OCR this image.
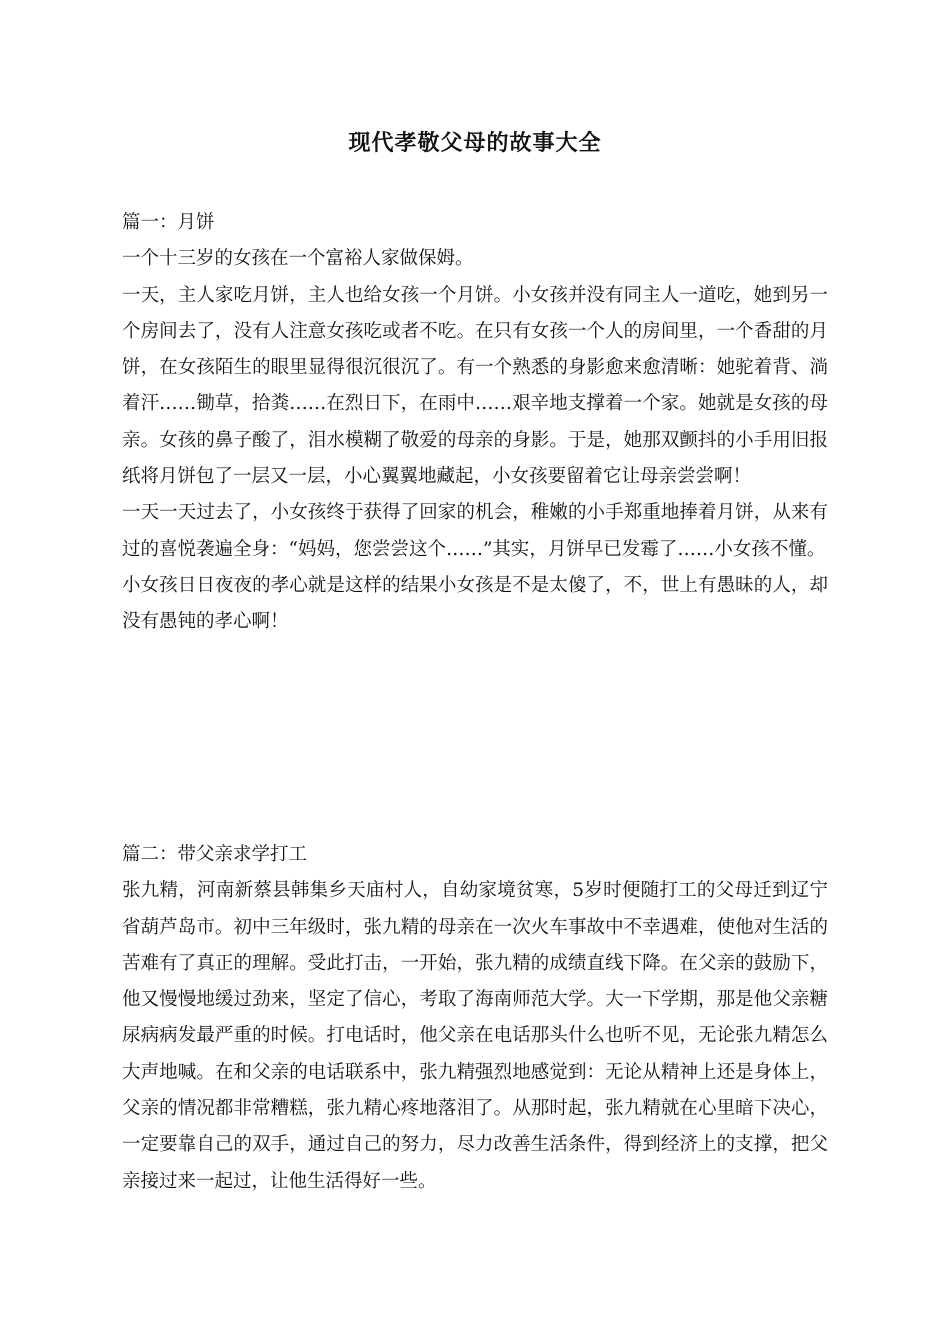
现代孝敬父母的故事大全

篇一：月饼

一个十三岁的女孩在一个富裕人家做保姆。

一天，主人家吃月饼，主人也给女孩一个月饼。小女孩并没有同主人一道吃，她到另一个房间去了，没有人注意女孩吃或者不吃。在只有女孩一个人的房间里，一个香甜的月饼，在女孩陌生的眼里显得很沉很沉了。有一个熟悉的身影愈来愈清晰：她驼着背、淌着汗……锄草，拾粪……在烈日下，在雨中……艰辛地支撑着一个家。她就是女孩的母亲。女孩的鼻子酸了，泪水模糊了敬爱的母亲的身影。于是，她那双颤抖的小手用旧报纸将月饼包了一层又一层，小心翼翼地藏起，小女孩要留着它让母亲尝尝啊！

一天一天过去了，小女孩终于获得了回家的机会，稚嫩的小手郑重地捧着月饼，从来有过的喜悦袭遍全身：“妈妈，您尝尝这个……”其实，月饼早已发霉了……小女孩不懂。

小女孩日日夜夜的孝心就是这样的结果小女孩是不是太傻了，不，世上有愚昧的人，却没有愚钝的孝心啊！

篇二：带父亲求学打工

张九精，河南新蔡县韩集乡天庙村人，自幼家境贫寒，5岁时便随打工的父母迁到辽宁省葫芦岛市。初中三年级时，张九精的母亲在一次火车事故中不幸遇难，使他对生活的苦难有了真正的理解。受此打击，一开始，张九精的成绩直线下降。在父亲的鼓励下，他又慢慢地缓过劲来，坚定了信心，考取了海南师范大学。大一下学期，那是他父亲糖尿病病发最严重的时候。打电话时，他父亲在电话那头什么也听不见，无论张九精怎么大声地喊。在和父亲的电话联系中，张九精强烈地感觉到：无论从精神上还是身体上，父亲的情况都非常糟糕，张九精心疼地落泪了。从那时起，张九精就在心里暗下决心，一定要靠自己的双手，通过自己的努力，尽力改善生活条件，得到经济上的支撑，把父亲接过来一起过，让他生活得好一些。
